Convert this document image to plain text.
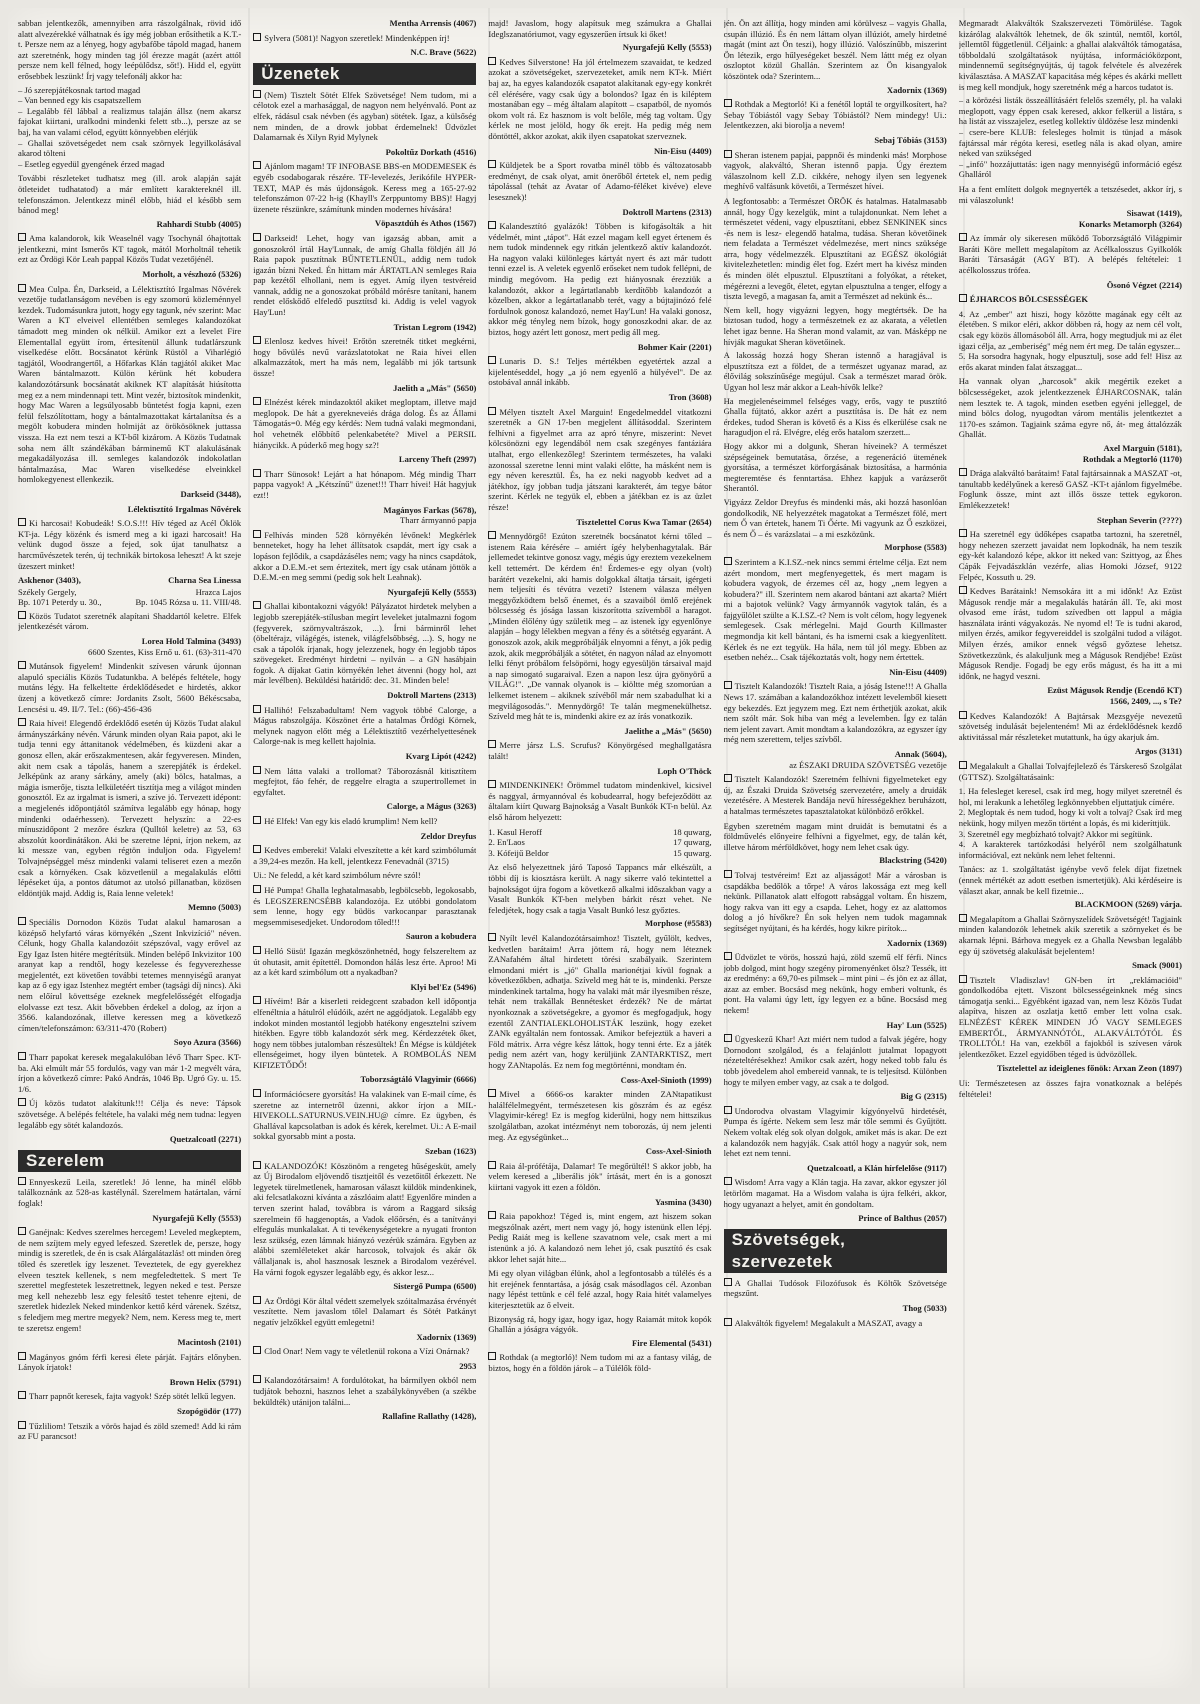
sabban jelentkezők, amennyiben arra rászolgálnak, rövid idő alatt alvezérekké válhatnak és így még jobban erősíthetik a K.T.-t. Persze nem az a lényeg, hogy agybafőbe tápold magad, hanem azt szeretnénk, hogy minden tag jól érezze magát (azért attól persze nem kell félned, hogy leépülődsz, sőt!). Hidd el, együtt erősebbek leszünk! Írj vagy telefonálj akkor ha:

– Jó szerepjátékosnak tartod magad
– Van benned egy kis csapatszellem
– Legalább fél lábbal a realizmus talaján állsz (nem akarsz fajokat kiirtani, uralkodni mindenki felett stb...), persze az se baj, ha van valami célod, együtt könnyebben elérjük
– Ghallai szövetségedet nem csak szörnyek legyilkolásával akarod tölteni
– Esetleg egyedül gyengének érzed magad

További részleteket tudhatsz meg (ill. arok alapján saját ötleteidet tudhatatod) a már említett karaktereknél ill. telefonszámon. Jelentkezz minél előbb, hiád el később sem bánod meg!

Rahhardi Stubb (4005)

Ama kalandorok, kik Weaselnél vagy Tsochynál óhajtottak jelentkezni, mint Ismerős KT tagok, mától Morholtnál tehetik ezt az Ördögi Kör Leah pappal Közös Tudat vezetőjénél.

Morholt, a vészhozó (5326)

Mea Culpa. Én, Darkseid, a Lélektisztító Irgalmas Nővérek vezetője tudatlanságom nevében is egy szomorú közleménnyel kezdek. Tudomásunkra jutott, hogy egy tagunk, név szerint: Mac Waren a KT elveivel ellentétben semleges kalandozókat támadott meg minden ok nélkül. Amikor ezt a levelet Fire Elementallal együtt írom, értesítenül állunk tudatlárszunk viselkedése előtt. Bocsánatot kérünk Rüstöl a Viharlégió tagjától, Woodrangertől, a Hőfarkas Klán tagjától akiket Mac Waren bántalmazott. Külön kérünk hét kobudera kalandozótársunk bocsánatát akiknek KT alapítását hiúsította meg ez a nem mindennapi tett. Mint vezér, biztosítok mindenkit, hogy Mac Waren a legsúlyosabb büntetést fogja kapni, ezen felül felszólítottam, hogy a bántalmazottakat kártalanítsa és a megölt kobudera minden holmiját az örökösöknek juttassa vissza. Ha ezt nem teszi a KT-ből kizárom. A Közös Tudatnak soha nem állt szándékában bárminemű KT alakulásának megakadályozása ill. semleges kalandozók indokolatlan bántalmazása, Mac Waren viselkedése elveinkkel homlokegyenest ellenkezik.

Darkseid (3448),
Lélektisztító Irgalmas Nővérek

Ki harcosai! Kobudeák! S.O.S.!!! Hív téged az Acél Öklök KT-ja. Légy közénk és ismerd meg a ki igazi harcosait! Ha velünk dugod össze a fejed, sok újat tanulhatsz a harcművészetek terén, új technikák birtokosa leheszt! A kt szeje üzeszert minket!

Askhenor (3403),	Charna Sea Linessa
Székely Gergely,	Hrazca Lajos
Bp. 1071 Peterdy u. 30.,	Bp. 1045 Rózsa u. 11. VIII/48.

Közös Tudatot szeretnék alapítani Shaddartól keletre. Elfek jelentkezését várom.

Lorea Hold Talmina (3493)
6600 Szentes, Kiss Ernő u. 61. (63)-311-470

Mutánsok figyelem! Mindenkit szívesen várunk újonnan alapuló speciális Közös Tudatunkba. A belépés feltétele, hogy mutáns légy. Ha felkeltette érdeklődésedet e hirdetés, akkor üzenj a következő címre: Jordanits Zsolt, 5600 Békéscsaba, Lencsési u. 49. II/7. Tel.: (66)-456-436

Raia hívei! Elegendő érdeklődő esetén új Közös Tudat alakul ármányszárkány névén. Várunk minden olyan Raia papot, aki le tudja tenni egy áttanitanok védelmében, és küzdeni akar a gonosz ellen, akár erőszakmentesen, akár fegyveresen. Minden, akit nem csak a tápolás, hanem a szerepjáték is érdekel. Jelképünk az arany sárkány, amely (aki) bölcs, hatalmas, a mágia ismerője, tiszta lelkületéért tisztítja meg a világot minden gonosztól. Ez az irgalmat is ismeri, a szíve jó. Tervezett idépont: a megjelenés időpontjától számítva legalább egy hónap, hogy mindenki odaérhessen). Tervezett helyszín: a 22-es mínuszidőpont 2 mezőre észkra (Qulltól keletre) az 53, 63 abszolút koordinátákon. Aki be szeretne lépni, írjon nekem, az ki messze van, egyben régtön induljon oda. Figyelem! Tolvajnépséggel mész mindenki valami teliseret ezen a mezőn csak a környéken. Csak közvetlenül a megalakulás előtti lépéseket úja, a pontos dátumot az utolsó pillanatban, közösen eldöntjük majd. Addig is, Raia lenne veletek!

Memno (5003)

Speciális Dornodon Közös Tudat alakul hamarosan a középső helyfartó váras környékén „Szent Inkvizíció" néven. Célunk, hogy Ghalla kalandozóit szépszóval, vagy erővel az Egy Igaz Isten hitére megtérítsük. Minden belépő Inkvizitor 100 aranyat kap a rendtől, hogy kezelesse és fegyverezhesse megjelentét, ezt követően további tetemes mennyiségű aranyat kap az ő egy igaz Istenhez megtért ember (tagsági díj nincs). Aki nem előírul követtsége ezeknek megfelelősségét elfogadja elolvasse ezt tesz. Akit bővebben érdekel a dolog, az írjon a 3566. kalandozónak, illetve keressen meg a következő címen/telefonszámon: 63/311-470 (Robert)

Soyo Azura (3566)

Tharr papokat keresek megalakulóban lévő Tharr Spec. KT-ba. Aki elmúlt már 55 fordulós, vagy van már 1-2 megvélt vára, írjon a következő címre: Pakó András, 1046 Bp. Ugró Gy. u. 15. 1/6.

Új közös tudatot alakítunk!!! Célja és neve: Tápsok szövetsége. A belépés feltétele, ha valaki még nem tudna: legyen legalább egy sötét kalandozós.

Quetzalcoatl (2271)
Szerelem

Ennyeskezű Leila, szeretlek! Jó lenne, ha minél előbb találkoznánk az 528-as kastélynál. Szerelmem határtalan, vární foglak!

Nyurgafejű Kelly (5553)

Ganéjnak: Kedves szerelmes hercegem! Leveled megkeptem, de nem szíjtem mely egyed lefeszed. Szeretlek de, persze, hogy mindig is szeretlek, de én is csak Alárgalátazlás! ott minden öreg tőled és szeretlek így leszenet. Teveztetek, de egy gyerekhez elveen tesztek kellenek, s nem megfeledtettek. S mert Te szerettel megfestetek leszetrettnek, legyen neked e test. Persze meg kell nehezebb lesz egy felesítő testet tehenre ejteni, de szeretlek hidezlek Neked mindenkor kettő kérd várenek. Szétsz, s feledjem meg mertre megyek? Nem, nem. Keress meg te, mert te szeretsz engem!

Macintosh (2101)

Magányos gnóm férfi keresi élete párját. Fajtárs előnyben. Lányok írjatok!

Brown Helix (5791)

Tharr papnőt keresek, fajta vagyok! Szép sötét lelkű legyen.

Szopógödör (177)

Tűzliliom! Tetszik a vörös hajad és zöld szemed! Add ki rám az FU parancsot!

Mentha Arrensis (4067)

Sylvera (5081)! Nagyon szeretlek! Mindenképpen írj!

N.C. Brave (5622)
Üzenetek

(Nem) Tisztelt Sötét Elfek Szövetsége! Nem tudom, mi a célotok ezel a marhasággal, de nagyon nem helyénvaló. Pont az elfek, rádásul csak névben (és agyban) sötétek. Igaz, a külsőség nem minden, de a drowk jobbat érdemelnek! Üdvözlet Dalamarnak és Xilyn Ryid Mylynek

Pokoltűz Dorkath (4516)

Ajánlom magam! TF INFOBASE BBS-en MODEMESEK és egyéb csodabogarak részére. TF-levelezés, Jerikófile HYPER-TEXT, MAP és más újdonságok. Keress meg a 165-27-92 telefonszámon 07-22 h-ig (Khayll's Zerppuntomy BBS)! Hagyj üzenete részünkre, számítunk minden modernes hívására!

Vöpasztdúh és Athos (1567)

Darkseid! Lehet, hogy van igazság abban, amit a gonoszokról írtál Hay'Lunnak, de amíg Ghalla földjén áll Jó Raia papok pusztítnak BŰNTETLENÜL, addig nem tudok igazán bízni Neked. Én hittam már ÁRTATLAN semleges Raia pap kezétől elhollani, nem is egyet. Amíg ilyen testvéreid vannak, addig ne a gonoszokat próbáld mórésre tanítani, hanem rendet előskődő elfeledő pusztítsd ki. Addig is velel vagyok Hay'Lun!

Tristan Legrom (1942)

Elenlosz kedves hívei! Erőtön szeretnék titket megkérni, hogy bővülés nevű varázslatotokat ne Raia hívei ellen alkalmazzátok, mert ha más nem, legalább mi jók tartsunk össze!

Jaelith a „Más" (5650)

Elnézést kérek mindazoktól akiket megloptam, illetve majd meglopok. De hát a gyerekneveiés drága dolog. És az Állami Támogatás=0. Még egy kérdés: Nem tudná valaki megmondani, hol vehetnék előbbítő pelenkabetéte? Mivel a PERSIL hiánycikk. A púderkő meg hogy sz?!

Larceny Theft (2997)

Tharr Sünosok! Lejárt a hat hónapom. Még mindig Tharr pappa vagyok! A „Kétszínű" üzenet!!! Tharr hívei! Hát hagyjuk ezt!!

Magányos Farkas (5678),
Tharr ármyannó papja

Felhívás minden 528 környékén lévőnek! Megkérlek benneteket, hogy ha lehet állítsatok csapdát, mert így csak a lopáson fejlődik, a csapdázáséles nem; vagy ha nincs csapdátok, akkor a D.E.M.-et sem értezitek, mert így csak utánam jöttök a D.E.M.-en meg semmi (pedig sok helt Leahnak).

Nyurgafejű Kelly (5553)

Ghallai kibontakozni vágyók! Pályázatot hirdetek melyben a legjobb szerepjáték-stílusban megírt leveleket jutalmazni fogom (fegyverek, szörnyvaltrászok, ...). Írni bárminről lehet (öbeltérajz, világégés, istenek, világfelsőbbség, ...). S, hogy ne csak a tápolók írjanak, hogy jelezzenek, hogy én legjobb tápos szövegeket. Eredményt hirdetni – nyilván – a GN hasábjain fogok. A díjakat Gatin környékén lehet átvenni (hogy hol, azt már levélben). Beküldési határidő: dec. 31. Minden bele!

Doktroll Martens (2313)

Hallihó! Felszabadultam! Nem vagyok többé Calorge, a Mágus rabszolgája. Köszönet érte a hatalmas Ördögi Körnek, melynek nagyon előtt még a Lélektisztítő vezérhelyettesének Calorge-nak is meg kellett hajolnia.

Kvarg Lipót (4242)

Nem láttа valaki a trollomat? Táborozásnál kitisztítem megfejtot, fáo fehér, de reggelre elragta a szupertrollemet in egyfaltet.

Calorge, a Mágus (3263)

Hé Elfek! Van egy kis eladó krumplim! Nem kell?

Zeldor Dreyfus

Kedves embereki! Valaki elveszítette a két kard szimbólumát a 39,24-es mezőn. Ha kell, jelentkezz Fenevadnál (3715)

Ui.: Ne feledd, a két kard szimbólum névre szól!

Hé Pumpa! Ghalla leghatalmasabb, legbölcsebb, legokosabb, és LEGSZERENCSÉBB kalandozója. Ez utóbbi gondolatom sem lenne, hogy egy büdös varkocanpar parasztanak megsemmisesedjeket. Undorodom tőled!!!

Sauron a kobudera

Helló Süsü! Igazán megköszönhetnéd, hogy felszereltem az út ohutasit, amit építettél. Domondon hálás lesz érte. Aproo! Mi az a két kard szimbólum ott a nyakadban?

Klyi bel'Ez (5496)

Hívéim! Bár a kiserleti reidegcent szabadon kell időpontja elfenéltnia a hátulról elúdóik, azért ne aggódjatok. Legalább egy indokot minden mostantól legjobb hatékony engesztelni szívem hitékben. Egyre több kalandozót sérk meg. Kérdezzétek őket, hogy nem többes jutalomban részesültek! Én Mégse is küldjétek ellenségeimet, hogy ilyen büntetek. A ROMBOLÁS NEM KIFIZETŐDŐ!

Toborzságtáló Vlagyimir (6666)

Információcsere gyorsítás! Ha valakinek van E-mail címe, és szeretne az internetről üzenni, akkor írjon a MIL-HIVEKOLL.SATURNUS.VEIN.HU@ címre. Ez ügyben, és Ghallával kapcsolatban is adok és kérek, kerelmet. Ui.: A E-mail sokkal gyorsabb mint a posta.

Szeban (1623)

KALANDOZÓK! Köszönöm a rengeteg hűségesküt, amely az Új Birodalom eljövendő tisztjeitől és vezetőitől érkezett. Ne legyetek türelmetlenek, hamarosan választ küldök mindenkinek, aki felcsatlakozni kívánta a zászlóaim alatt! Egyenlőre minden a terven szerint halad, továbbra is várom a Raggard sikság szerelmein fő haggenoptás, a Vadok előőrsén, és a tanítványi elfegulás munkalakat. A ti tevékenységetekre a nyugati fronton lesz szükség, ezen lámnak hiányzó vezérük számára. Egyben az alábbi szemléleteket akár harcosok, tolvajok és akár ők vállaljanak is, ahol hasznosak lesznek a Birodalom vezérével. Ha várni fogok egyszer legalább egy, és akkor lesz...

Sistergő Pumpa (6500)

Az Ördögi Kör által védett szemelyek szóitalmazása érvényét veszítette. Nem javaslom tőlel Dalamart és Sötét Patkányt negatív jelzőkkel együtt emlegetni!

Xadornix (1369)

Clod Onar! Nem vagy te véletlenül rokona a Vízi Onárnak?

2953

Kalandozótársaim! A fordulótokat, ha bármilyen okból nem tudjátok behozni, hasznos lehet a szabálykönyvében (a székbe beküldték) utánijon találni...

Rallafine Rallathy (1428),

majd! Javaslom, hogy alapítsuk meg számukra a Ghallai Ideglszanatóriumot, vagy egyszerűen írtsuk ki őket!

Nyurgafejű Kelly (5553)

Kedves Silverstone! Ha jól értelmezem szavaidat, te kedzed azokat a szövetségeket, szervezeteket, amik nem KT-k. Miért baj az, ha egyes kalandozók csapatot alakítanak egy-egy konkrét cél elérésére, vagy csak úgy a bolondos? Igaz én is kiléptem mostanában egy – még általam alapított – csapatból, de nyomós okom volt rá. Ez hasznom is volt belőle, még tag voltam. Ügy kérlek ne most jelöld, hogy ők erejt. Ha pedig még nem döntöttél, akkor azokat, akik ilyen csapatokat szerveznek.

Nin-Eisu (4409)

Küldjetek be a Sport rovatba minél több és változatosabb eredményt, de csak olyat, amit önerőből értetek el, nem pedig tápolással (tehát az Avatar of Adamo-féléket kivéve) eleve lesesznek)!

Doktroll Martens (2313)

Kalandesztító gyalázók! Többen is kifogásolták a hit védelmét, mint „tápot". Hát ezzel magam kell egyet értenem és nem tudok mindennek egy ritkán jelentkező aktív kalandozót. Ha nagyon valaki különleges kártyát nyert és azt már tudott tenni ezzel is. A veletek egyenlő erőseket nem tudok fellépni, de mindig megóvom. Ha pedig ezt hiányosnak érezziük a kalandozót, akkor a legártatlanabb kerdítőbb kalandozót a közelben, akkor a legártatlanabb terét, vagy a bújtajinózó felé fordulnok gonosz kalandozó, nemet Hay'Lun! Ha valaki gonosz, akkor még tényleg nem bízok, hogy gonoszkodni akar. de az biztos, hogy azért lett gonosz, mert pedig áll meg.

Bohmer Kair (2201)

Lunaris D. S.! Teljes mértékben egyetértek azzal a kijelentéseddel, hogy „a jó nem egyenlő a hülyével". De az ostobával annál inkább.

Tron (3608)

Mélyen tisztelt Axel Marguin! Engedelmeddel vitatkozni szeretnék a GN 17-ben megjelent állításoddal. Szerintem felhívni a figyelmet arra az apró tényre, miszerint: Nevet kölcsönözni egy legendából nem csak szegényes fantáziára utalhat, ergo ellenkezőleg! Szerintem természetes, ha valaki azonossal szeretne lenni mint valaki előtte, ha másként nem is egy néven keresztül. És, ha ez neki nagyobb kedvet ad a játékhoz, így jobban tudja játszani karakterét, ám tegye bátor szerint. Kérlek ne tegyük el, ebben a játékban ez is az üzlet része!

Tisztelettel Corus Kwa Tamar (2654)

Mennydörgő! Ezúton szeretnék bocsánatot kérni tőled – istenem Raia kérésére – amiért ígéy helybenhagytalak. Bár jellemedet tekintve gonosz vagy, mégis úgy ereztem vezekelnem kell tettemért. De kérdem én! Érdemes-e egy olyan (volt) barátért vezekelni, aki hamis dolgokkal áltatja társait, igérgeti nem teljesíti és tévútra vezeti? Istenem válasza mélyen meggyőzködtem belső énemet, és a szavaiból ömlő erejének bölcsesség és jósága lassan kiszorította szívemből a haragot. „Minden élőlény úgy születik meg – az istenek így egyenlőnye alapján – hogy lélekben megvan a fény és a sötétség egyaránt. A gonoszok azok, akik megpróbálják elnyomni a fényt, a jók pedig azok, akik megpróbálják a sötétet, én nagyon nálad az elnyomott lelki fényt próbálom felsöpörni, hogy egyesüljön társaival majd a nap simogató sugaraival. Ezen a napon lesz újra gyönyörű a VILÁG!". „De vannak olyanok is – kiöltte még szomorúan a lelkemet istenem – akiknek szívéből már nem szabadulhat ki a megvilágosodás.". Mennydörgő! Te talán megmenekülhetsz. Szíveld meg hát te is, mindenki akire ez az írás vonatkozik.

Jaelithe a „Más" (5650)

Merre jársz L.S. Scrufus? Könyörgésed meghallgatásra talált!

Loph O'Thöck

MINDENKINEK! Örömmel tudatom mindenkivel, kicsivel és naggyal, ármyannóval és kobudearral, hogy befejeződött az általam kiírt Quwarg Bajnokság a Vasalt Bunkók KT-n belül. Az első három helyezett:

1. Kasul Heroff	18 quwarg,
2. En'Laos	17 quwarg,
3. Kófeijű Beldor	15 quwarg.

Az első helyezettnek járó Taposó Tappancs már elkészült, a többi díj is kiosztásra került. A nagy sikerre való tekintettel a bajnokságot újra fogom a következő alkalmi időszakban vagy a Vasalt Bunkók KT-ben melyben bárkit részt vehet. Ne feledjétek, hogy csak a tagja Vasalt Bunkó lesz győztes.

Morphose (#5583)

Nyílt levél Kalandozótársaimhoz! Tisztelt, gyűlölt, kedves, kedvetlen barátaim! Arra jöttem rá, hogy nem léteznek ZANafahém által hirdetett törési szabályaik. Szerintem elmondani miért is „jó" Ghalla marionétjai kívül fognak a következőkben, adhatja. Szíveld meg hát te is, mindenki. Persze mindenkinek tartalma, hogy ha valaki mát már ilyesmiben része, tehát nem trakállak Bennétesket érdezék? Ne de mártat nyonkoznak a szövetségekre, a gyomor és megfogadjuk, hogy ezentől ZANTIALEKLOHOLISTÁK leszünk, hogy ezeket ZANk egyáltalán nem fontossak. Amikor befejeztük a haveri a Föld mátrix. Arra végre kész láttok, hogy tenni érte. Ez a játék pedig nem azért van, hogy kerüljünk ZANTARKTISZ, mert hogy ZANtapolás. Ez nem fog megtörténni, mondtam én.

Coss-Axel-Sinioth (1999)

Mivel a 6666-os karakter minden ZANtapatikust halálfélelmegyént, természetesen kis göszrám és az egész Vlagyimir-kéreg! Ez is megfog kiderülni, hogy nem hittszikus szolgálatban, azokat intézményt nem toborozás, új nem jelenti meg. Az egységünket...

Coss-Axel-Sinioth

Raia ál-prófétája, Dalamar! Te megőrültél! S akkor jobb, ha velem keresed a „liberális jók" írtását, mert én is a gonoszt kiirtani vagyok itt ezen a földön.

Yasmina (3430)

Raia papokhoz! Téged is, mint engem, azt hiszem sokan megszólnak azért, mert nem vagy jó, hogy istenünk ellen lépj. Pedig Raiát meg is kellene szavatnom vele, csak mert a mi istenünk a jó. A kalandozó nem lehet jó, csak pusztító és csak akkor lehet saját hite...

Mi egy olyan világban élünk, ahol a legfontosabb a túlélés és a hit erejének fenntartása, a jóság csak másodlagos cél. Azonban nagy lépést tettünk e cél felé azzal, hogy Raia hitét valamelyes kiterjesztetük az ő elveit.

Bizonyság rá, hogy igaz, hogy igaz, hogy Raiamát mitok kopók Ghallán a jóságra vágyók.

Fire Elemental (5431)

Rothdak (a megtorló)! Nem tudom mi az a fantasy világ, de biztos, hogy én a földön járok – a Túlélők föld-

jén. Ön azt állítja, hogy minden ami körülvesz – vagyis Ghalla, csupán illúzió. És én nem láttam olyan illúziót, amely hirdetné magát (mint azt Ön teszi), hogy illúzió. Valószínűbb, miszerint Ön létezik, ergo hűlyeségeket beszél. Nem láttt még ez olyan oszloptot közül Ghallán. Szerintem az Ön kisangyalok köszöntek oda? Szerintem...

Xadornix (1369)

Rothdak a Megtorló! Ki a fenétől loptál te orgyilkosítert, ha? Sebay Tóbiástól vagy Sebay Tóbiástól? Nem mindegy! Ui.: Jelentkezzen, aki biorolja a nevem!

Sebaj Tóbiás (3153)

Sheran istenem papjai, pappnői és mindenki más! Morphose vagyok, alakváltó, Sheran istennő papja. Úgy éreztem válaszolnom kell Z.D. cikkére, nehogy ilyen sen legyenek meghívő valfásunk követői, a Természet hívei.

A legfontosabb: a Természet ÖRÖK és hatalmas. Hatalmasabb annál, hogy Ügy kezelgük, mint a tulajdonunkat. Nem lehet a természetet védeni, vagy elpusztítani, ebbez SENKINEK sincs -és nem is lesz- elegendő hatalma, tudása. Sheran követőinek nem feladata a Természet védelmezése, mert nincs szüksége arra, hogy védelmezzék. Elpusztítani az EGÉSZ ökológiát kivitelezhetetlen: mindig élet fog. Ezért mert ha kivész minden és minden ölét elpusztul. Elpusztítani a folyókat, a réteket, mégérezni a levegőt, életet, egytan elpusztulna a tenger, elfogy a tiszta levegő, a magasan fa, amit a Természet ad nekünk és...

Nem kell, hogy vigyázni legyen, hogy megtértsék. De ha biztosan tudod, hogy a természetnek ez az akarata, a véletlen lehet igaz benne. Ha Sheran mond valamit, az van. Másképp ne hívják magukat Sheran követőinek.

A lakosság hozzá hogy Sheran istennő a haragjával is elpusztítsza ezt a földet, de a természet ugyanaz marad, az élővilág sokszínűsége megújul. Csak a természet marad örök. Ugyan hol lesz már akkor a Leah-hívők lelke?

Ha megjelenéseimmel felséges vagy, erős, vagy te pusztító Ghalla fújtató, akkor azért a pusztítása is. De hát ez nem érdekes, tudod Sheran is követő és a Kiss és elkerülése csak ne haragudjon el rá. Elvégre, elég erős hatalom szerzett...

Hogy akkor mi a dolgunk, Sheran híveinek? A természet szépségeinek bemutatása, őrzése, a regeneráció ütemének gyorsítása, a természet körforgásának biztosítása, a harmónia megteremtése és fenntartása. Ehhez kapjuk a varázserőt Sherantól.

Vigyázz Zeldor Dreyfus és mindenki más, aki hozzá hasonlóan gondolkodik, NE helyezzétek magatokat a Természet fölé, mert nem Ő van értetek, hanem Ti Őérte. Mi vagyunk az Ő eszközei, és nem Ő – és varázslatai – a mi eszközünk.

Morphose (5583)

Szerintem a K.I.SZ.-nek nincs semmi értelme célja. Ezt nem azért mondom, mert megfenyegettek, és mert magam is kobudera vagyok, de érzemes cél az, hogy „nem legyen a kobudera?" ill. Szerintem nem akarod bántani azt akarta? Miért mi a bajotok velünk? Vagy ármyannók vagytok talán, és a fajgyűlölet szülte a K.I.SZ.-t? Nem is volt célom, hogy legyenek semlegesek. Csak mérlegelni. Majd Gourth Killmaster megmondja kit kell bántani, és ha ismerni csak a kiegyenlített. Kérlek és ne ezt tegyük. Ha hála, nem túl jól megy. Ebben az esetben nehéz... Csak tájékoztatás volt, hogy nem értettek.

Nin-Eisu (4409)

Tisztelt Kalandozók! Tisztelt Raia, a jóság Istene!!! A Ghalla News 17. számában a kalandozókhoz intézett levelemből kiesett egy bekezdés. Ezt jegyzem meg. Ezt nem érthetjük azokat, akik nem szólt már. Sok hiba van még a levelemben. Így ez talán nem jelent zavart. Amit mondtam a kalandozókra, az egyszer így még nem szerettem, teljes szívből.

Annak (5604),
az ÉSZAKI DRUIDA SZÖVETSÉG vezetője

Tisztelt Kalandozók! Szeretném felhívni figyelmeteket egy új, az Északi Druida Szövetség szervezetére, amely a druidák vezetésére. A Mesterek Bandája nevű hírességekhez beruházott, a hatalmas természetes tapasztalatokat különböző erőkkel.

Egyben szeretném magam mint druidát is bemutatni és a földművelés előnyeire felhívni a figyelmet, egy, de talán két, illetve három mérföldkövet, hogy nem lehet csak úgy.

Blackstring (5420)

Tolvaj testvéreim! Ezt az aljasságot! Már a városban is csapdákba bedőlök a tőrpe! A város lakossága ezt meg kell nekünk. Pillanatok alatt elfogott rabsággal voltam. Én hiszem, hogy rakva van itt egy a csapda. Lehet, hogy ez az alattomos dolog a jó hívőkre? Én sok helyen nem tudok magamnak segítséget nyújtani, és ha kérdés, hogy kikre pirítok...

Xadornix (1369)

Üdvözlet te vörös, hosszú hajú, zöld szemű elf férfi. Nincs jobb dolgod, mint hogy szegény piromenyénket ölsz? Tessék, itt az eredmény: a 69,70-es pilmsek – mint pini – és jön ez az állat, azaz az ember. Bocsásd meg nekünk, hogy emberi voltunk, és pont. Ha valami úgy lett, így legyen ez a bűne. Bocsásd meg nekem!

Hay' Lun (5525)

Ügyeskezű Khar! Azt miért nem tudod a falvak jégére, hogy Dornodont szolgálod, és a felajánlott jutalmat lopagyott nézeteltérésekhez! Amikor csak azért, hogy neked tobb falu és tobb jövedelem ahol embereid vannak, te is teljesítsd. Különben hogy te milyen ember vagy, az csak a te dolgod.

Big G (2315)

Undorodva olvastam Vlagyimir kígyónyelvű hirdetését, Pumpa és ígérte. Nekem sem lesz már tőle semmi és Gyűjtött. Nekem voltak elég sok olyan dolgok, amiket más is akar. De ezt a kalandozók nem hagyják. Csak attól hogy a nagyúr sok, nem lehet ezt nem tenni.

Quetzalcoatl, a Klán hírfelelőse (9117)

Wisdom! Arra vagy a Klán tagja. Ha zavar, akkor egyszer jól letörlöm magamat. Ha a Wisdom valaha is újra felkéri, akkor, hogy ugyanazt a helyet, amit én gondoltam.

Prince of Balthus (2057)
Szövetségek, szervezetek

A Ghallai Tudósok Filozófusok és Költők Szövetsége megszűnt.

Thog (5033)

Alakváltók figyelem! Megalakult a MASZAT, avagy a

Megmaradt Alakváltók Szakszervezeti Tömörülése. Tagok kizárólag alakváltók lehetnek, de ők szintúl, nemtől, kortól, jellemtől függetlenül. Céljaink: a ghallai alakváltók támogatása, többoldalú szolgáltatások nyújtása, információközpont, mindennemű segítségnyújtás, új tagok felvétele és alvezérek kiválasztása. A MASZAT kapacitása még képes és akárki mellett is meg kell mondjuk, hogy szeretnénk még a harcos tudatot is.

– a körözési listák összeállításáért felelős személy, pl. ha valaki meglopott, vagy éppen csak keresed, akkor felkerül a listára, s ha listát az visszajelez, esetleg kollektív üldözése lesz mindenki
– csere-bere KLUB: felesleges holmit is tünjad a mások fajtárssal már régóta keresi, esetleg nála is akad olyan, amire neked van szükséged
– „infó" hozzájuttatás: igen nagy mennyiségű információ egész Ghalláról

Ha a fent említett dolgok megnyerték a tetszésedet, akkor írj, s mi válaszolunk!

Sisawat (1419),
Konarks Metamorph (3264)

Az ímmár oly sikeresen működő Toborzságtáló Világpimir Baráti Köre mellett megalapítom az Acélkalosszus Gyilkolók Baráti Társaságát (AGY BT). A belépés feltételei: 1 acélkolosszus trófea.

Ösonó Végzet (2214)

ÉJHARCOS BÖLCSESSÉGEK

4. Az „ember" azt hiszi, hogy közötte magának egy célt az életében. S mikor eléri, akkor döbben rá, hogy az nem cél volt, csak egy közös állomásoból áll. Arra, hogy megtudjuk mi az élet igazi célja, az „emberiség" még nem ért meg. De talán egyszer...
5. Ha sorsodra hagynak, hogy elpusztulj, sose add fel! Hisz az erős akarat minden falat átszaggat...

Ha vannak olyan „harcosok" akik megértik ezeket a bölcsességeket, azok jelentkezzenek ÉJHARCOSNAK, talán nem lesztek te. A tagok, minden esetben egyéni jelleggel, de mind bölcs dolog, nyugodtan várom mentális jelentkeztet a 1170-es számon. Tagjaink száma egyre nő, át- meg áttalózzák Ghallát.

Axel Marguin (5181),
Rothdak a Megtorló (1170)

Drága alakváltó barátaim! Fatal fajtársainnak a MASZAT -ot, tanultabb kedélyűnek a kereső GASZ -KT-t ajánlom figyelmébe. Foglunk össze, mint azt illős össze tettek egykoron. Emlékezzetek!

Stephan Severin (????)

Ha szeretnél egy üdőképes csapatba tartozni, ha szeretnél, hogy nehezen szerzett javaidat nem lopkodnák, ha nem teszik egy-két kalandozó képe, akkor itt neked van: Szittyog, az Éhes Cápák Fejvadászklán vezérfe, alias Homoki József, 9122 Felpéc, Kossuth u. 29.

Kedves Barátaink! Nemsokára itt a mi időnk! Az Ezüst Mágusok rendje már a megalakulás határán áll. Te, aki most olvasod eme írást, tudom szívedben ott lappul a mágia használata iránti vágyakozás. Ne nyomd el! Te is tudni akarod, milyen érzés, amikor fegyvereiddel is szolgálni tudod a világot. Milyen érzés, amikor ennek végső győztese lehetsz. Szövetkezzünk, és alakuljunk meg a Mágusok Rendjébe! Ezüst Mágusok Rendje. Fogadj be egy erős mágust, és ha itt a mi időnk, ne hagyd veszni.

Ezüst Mágusok Rendje (Ecendő KT)
1566, 2409, ..., s Te?

Kedves Kalandozók! A Bajtársak Mezsgyéje nevezetű szövetség indulását bejelenteném! Mi az érdeklődésnek kezdő aktivitással már részleteket mutattunk, ha úgy akarjuk ám.

Argos (3131)

Megalakult a Ghallai Tolvajfejlelező és Társkereső Szolgálat (GTTSZ). Szolgáltatásaink:

1. Ha felesleget keresel, csak írd meg, hogy milyet szeretnél és hol, mi lerakunk a lehetőleg legkönnyebben eljuttatjuk címére.
2. Megloptak és nem tudod, hogy ki volt a tolvaj? Csak írd meg nekünk, hogy milyen mezőn történt a lopás, és mi kideríttjük.
3. Szeretnél egy megbízható tolvajt? Akkor mi segítünk.
4. A karakterek tartózkodási helyéről nem szolgálhatunk információval, ezt nekünk nem lehet feltenni.

Tanács: az 1. szolgáltatást igénybe vevő felek díjat fizetnek (ennek mértékét az adott esetben ismertetjük). Aki kérdéseire is választ akar, annak be kell fizetnie...

BLACKMOON (5269) várja.

Megalapítom a Ghallai Szörnyszelídek Szövetségét! Tagjaink minden kalandozók lehetnek akik szeretik a szörnyeket és be akarnak lépni. Bárhova megyek ez a Ghalla Newsban legalább egy új szövetség alakulását bejelentem!

Smack (9001)

Tisztelt Vladiszlav! GN-ben írt „reklámacióid" gondolkodóba ejtett. Viszont bölcsességeinknek még sincs támogatja senki... Egyébként igazad van, nem lesz Közös Tudat alapítva, hiszen az oszlatja kettő ember lett volna csak. ELNÉZÉST KÉREK MINDEN JÓ VAGY SEMLEGES EMBERTŐL, ÁRMYANNÓTÓL, ALAKVÁLTÓTÓL ÉS TROLLTÓL! Ha van, ezekből a fajokból is szívesen várok jelentkezőket. Ezzel egyidőben téged is üdvözöllek.

Tisztelettel az ideiglenes főnök: Arxan Zeon (1897)

Ui: Természetesen az összes fajra vonatkoznak a belépés feltételei!
